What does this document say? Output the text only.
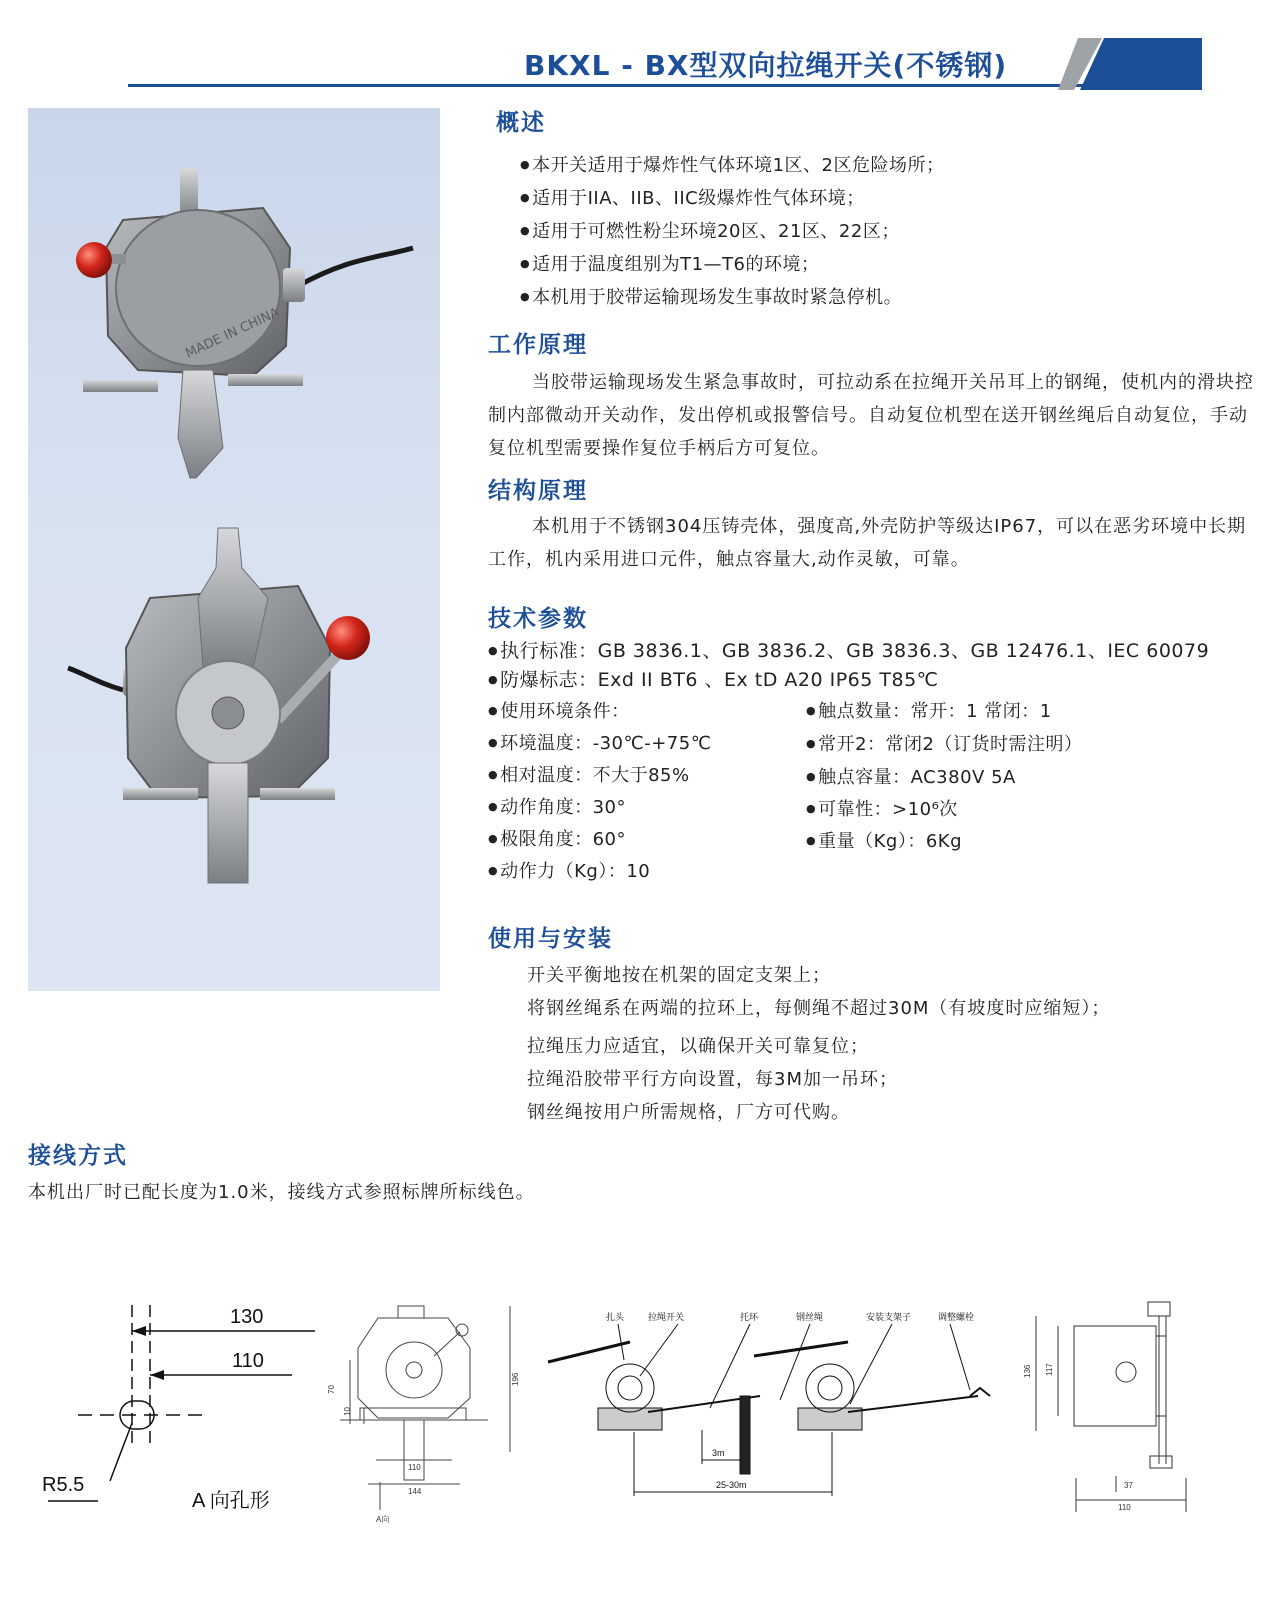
BKXL - BX型双向拉绳开关(不锈钢)
MADE IN CHINA
概述
● 本开关适用于爆炸性气体环境1区、2区危险场所；
● 适用于IIA、IIB、IIC级爆炸性气体环境；
● 适用于可燃性粉尘环境20区、21区、22区；
● 适用于温度组别为T1—T6的环境；
● 本机用于胶带运输现场发生事故时紧急停机。
工作原理

当胶带运输现场发生紧急事故时，可拉动系在拉绳开关吊耳上的钢绳，使机内的滑块控制内部微动开关动作，发出停机或报警信号。自动复位机型在送开钢丝绳后自动复位，手动复位机型需要操作复位手柄后方可复位。

结构原理

本机用于不锈钢304压铸壳体，强度高,外壳防护等级达IP67，可以在恶劣环境中长期工作，机内采用进口元件，触点容量大,动作灵敏，可靠。

技术参数
● 执行标准：GB 3836.1、GB 3836.2、GB 3836.3、GB 12476.1、IEC 60079
● 防爆标志：Exd II BT6 、Ex tD A20 IP65 T85℃
● 使用环境条件：
● 环境温度：-30℃-+75℃
● 相对温度：不大于85%
● 动作角度：30°
● 极限角度：60°
● 动作力（Kg）：10
● 触点数量：常开：1 常闭：1
● 常开2：常闭2（订货时需注明）
● 触点容量：AC380V 5A
● 可靠性：>10⁶次
● 重量（Kg）：6Kg
使用与安装
开关平衡地按在机架的固定支架上；
将钢丝绳系在两端的拉环上，每侧绳不超过30M（有坡度时应缩短）；
拉绳压力应适宜，以确保开关可靠复位；
拉绳沿胶带平行方向设置，每3M加一吊环；
钢丝绳按用户所需规格，厂方可代购。
接线方式

本机出厂时已配长度为1.0米，接线方式参照标牌所标线色。

130
110
R5.5
A 向孔形
196
70
10
110
144
A向
扎头	拉绳开关	托环	钢丝绳	安装支架子	调整螺栓
3m
25-30m
136 117
37
110
